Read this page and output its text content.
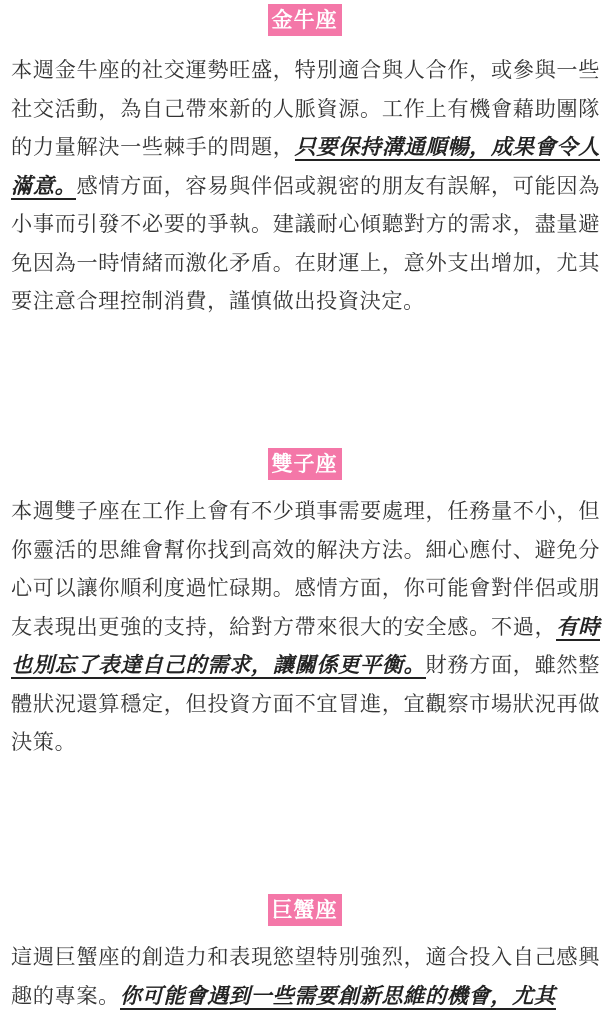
金牛座

本週金牛座的社交運勢旺盛，特別適合與人合作，或參與一些社交活動，為自己帶來新的人脈資源。工作上有機會藉助團隊的力量解決一些棘手的問題，只要保持溝通順暢，成果會令人滿意。感情方面，容易與伴侶或親密的朋友有誤解，可能因為小事而引發不必要的爭執。建議耐心傾聽對方的需求，盡量避免因為一時情緒而激化矛盾。在財運上，意外支出增加，尤其要注意合理控制消費，謹慎做出投資決定。

雙子座

本週雙子座在工作上會有不少瑣事需要處理，任務量不小，但你靈活的思維會幫你找到高效的解決方法。細心應付、避免分心可以讓你順利度過忙碌期。感情方面，你可能會對伴侶或朋友表現出更強的支持，給對方帶來很大的安全感。不過，有時也別忘了表達自己的需求，讓關係更平衡。財務方面，雖然整體狀況還算穩定，但投資方面不宜冒進，宜觀察市場狀況再做決策。

巨蟹座

這週巨蟹座的創造力和表現慾望特別強烈，適合投入自己感興趣的專案。你可能會遇到一些需要創新思維的機會，尤其
